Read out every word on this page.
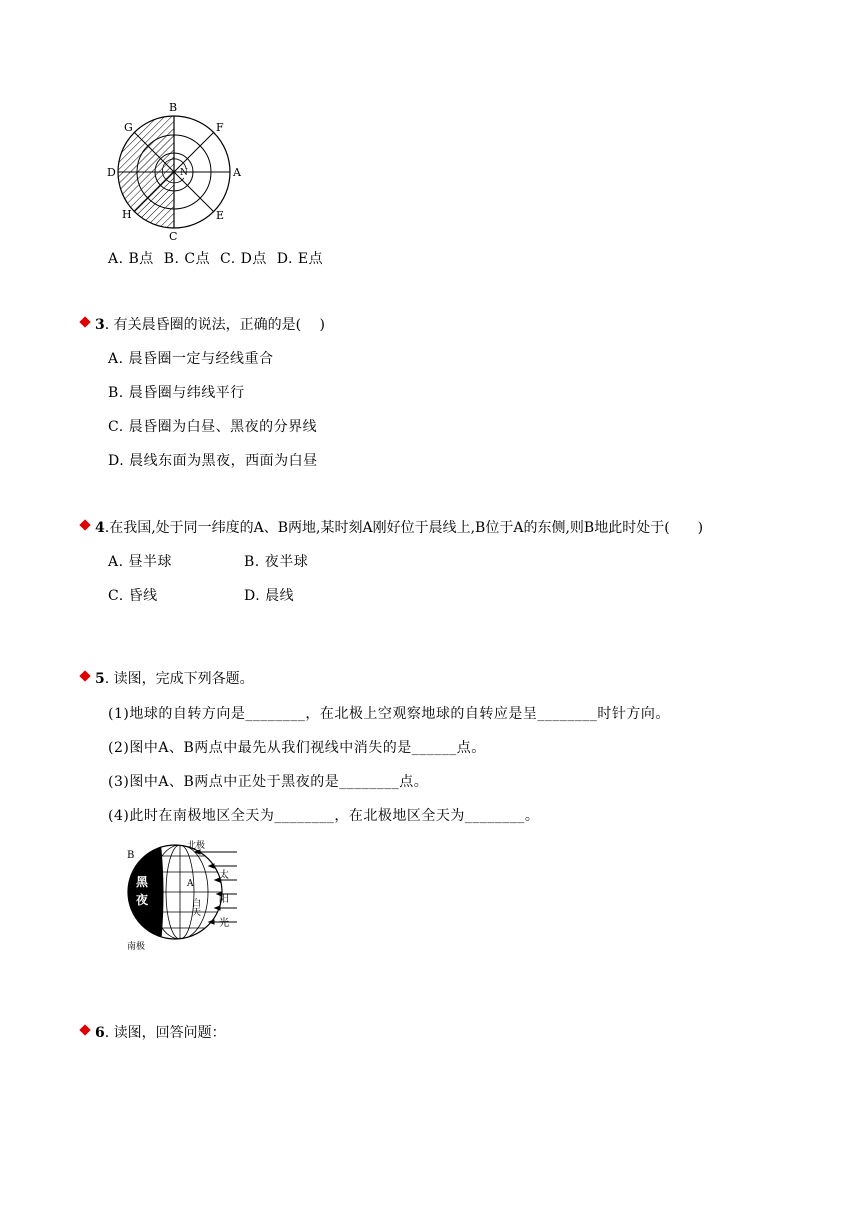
N
B
G	F
D	A
H	E
C
A. B点  B. C点  C. D点  D. E点
3. 有关晨昏圈的说法，正确的是(　 )
A. 晨昏圈一定与经线重合
B. 晨昏圈与纬线平行
C. 晨昏圈为白昼、黑夜的分界线
D. 晨线东面为黑夜，西面为白昼
4.在我国,处于同一纬度的A、B两地,某时刻A刚好位于晨线上,B位于A的东侧,则B地此时处于(　　)
A. 昼半球	B. 夜半球
C. 昏线	D. 晨线
5. 读图，完成下列各题。
(1)地球的自转方向是________，在北极上空观察地球的自转应是呈________时针方向。
(2)图中A、B两点中最先从我们视线中消失的是______点。
(3)图中A、B两点中正处于黑夜的是________点。
(4)此时在南极地区全天为________，在北极地区全天为________。
北极
南极
黑
夜
太
阳
光
白天
B
A
6. 读图，回答问题：
